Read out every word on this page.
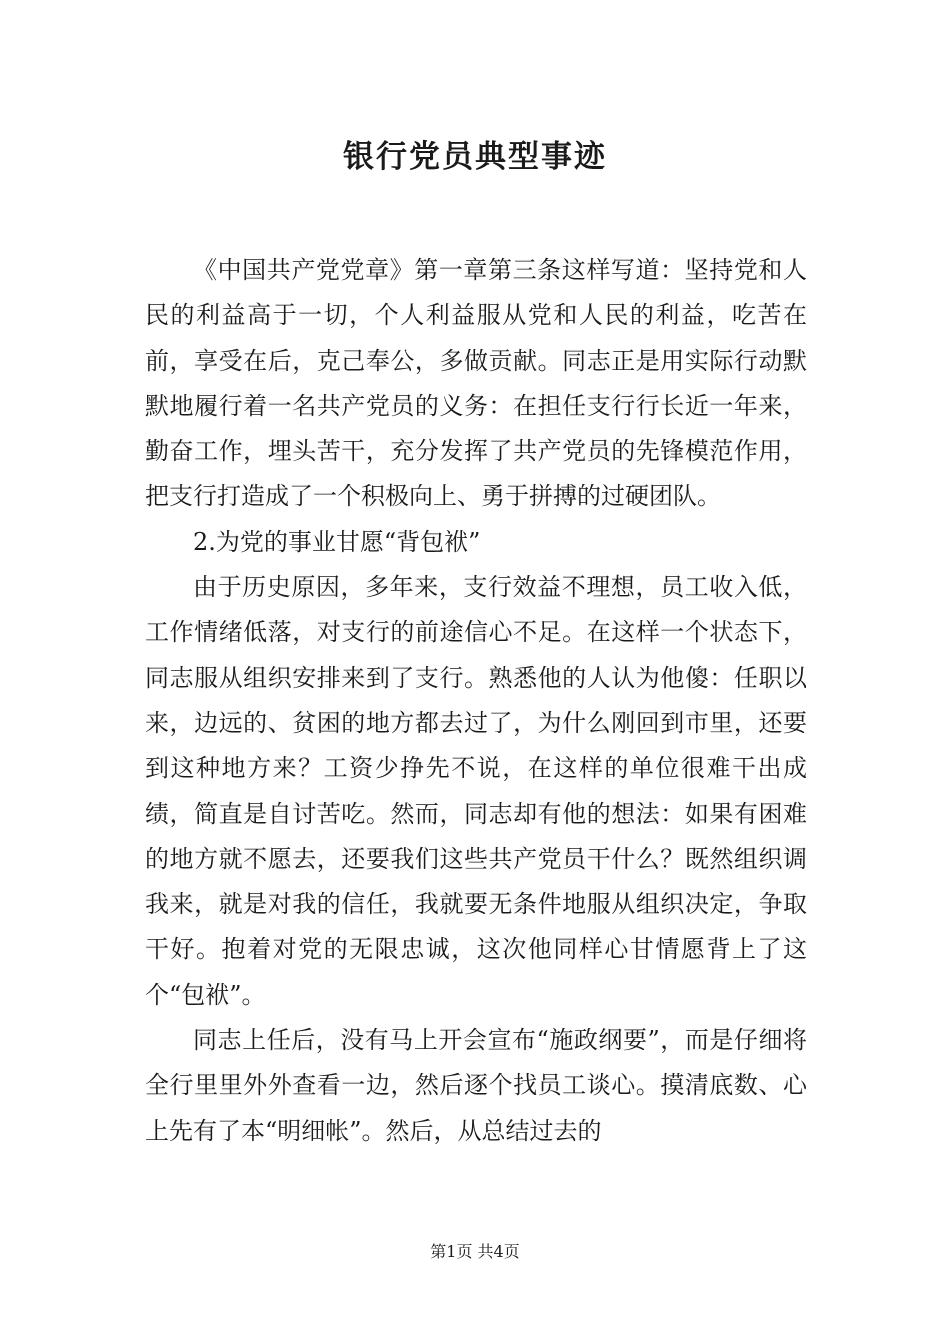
银行党员典型事迹

《中国共产党党章》第一章第三条这样写道：坚持党和人民的利益高于一切，个人利益服从党和人民的利益，吃苦在前，享受在后，克己奉公，多做贡献。同志正是用实际行动默默地履行着一名共产党员的义务：在担任支行行长近一年来，勤奋工作，埋头苦干，充分发挥了共产党员的先锋模范作用，把支行打造成了一个积极向上、勇于拼搏的过硬团队。

2.为党的事业甘愿“背包袱”

由于历史原因，多年来，支行效益不理想，员工收入低，工作情绪低落，对支行的前途信心不足。在这样一个状态下，同志服从组织安排来到了支行。熟悉他的人认为他傻：任职以来，边远的、贫困的地方都去过了，为什么刚回到市里，还要到这种地方来？工资少挣先不说，在这样的单位很难干出成绩，简直是自讨苦吃。然而，同志却有他的想法：如果有困难的地方就不愿去，还要我们这些共产党员干什么？既然组织调我来，就是对我的信任，我就要无条件地服从组织决定，争取干好。抱着对党的无限忠诚，这次他同样心甘情愿背上了这个“包袱”。

同志上任后，没有马上开会宣布“施政纲要”，而是仔细将全行里里外外查看一边，然后逐个找员工谈心。摸清底数、心上先有了本“明细帐”。然后，从总结过去的

第1页 共4页
